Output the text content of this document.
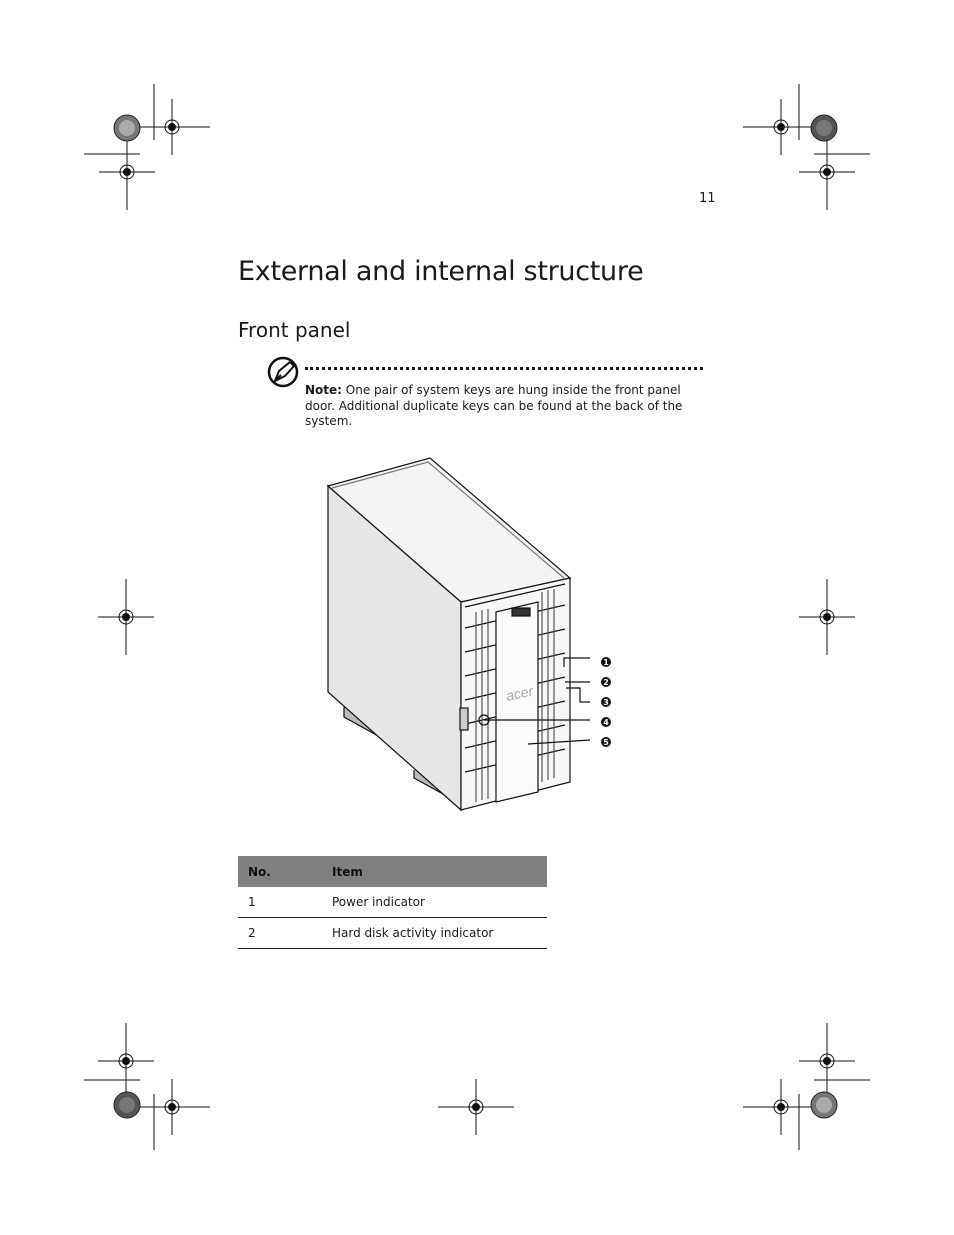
11
External and internal structure
Front panel
Note: One pair of system keys are hung inside the front panel door. Additional duplicate keys can be found at the back of the system.
acer
1
2
3
4
5
No.	Item
1	Power indicator
2	Hard disk activity indicator
